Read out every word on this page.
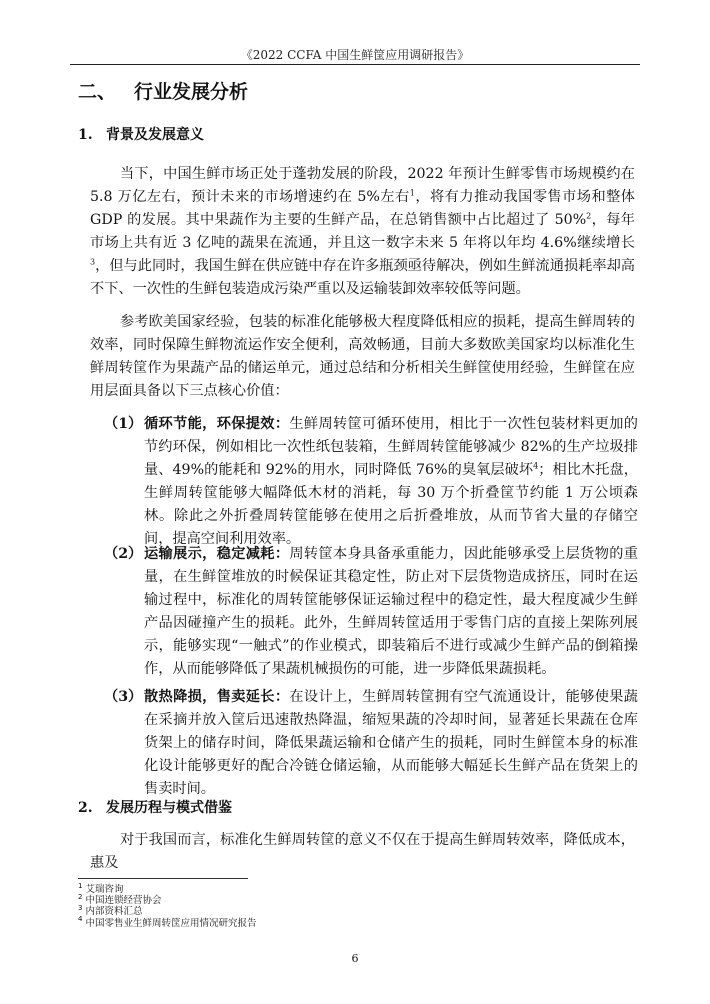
《2022 CCFA 中国生鲜筐应用调研报告》
二、 行业发展分析
1. 背景及发展意义

当下，中国生鲜市场正处于蓬勃发展的阶段，2022 年预计生鲜零售市场规模约在 5.8 万亿左右，预计未来的市场增速约在 5%左右$^1$，将有力推动我国零售市场和整体 GDP 的发展。其中果蔬作为主要的生鲜产品，在总销售额中占比超过了 50%$^2$，每年市场上共有近 3 亿吨的蔬果在流通，并且这一数字未来 5 年将以年均 4.6%继续增长$^3$，但与此同时，我国生鲜在供应链中存在许多瓶颈亟待解决，例如生鲜流通损耗率却高不下、一次性的生鲜包装造成污染严重以及运输装卸效率较低等问题。

参考欧美国家经验，包装的标准化能够极大程度降低相应的损耗，提高生鲜周转的效率，同时保障生鲜物流运作安全便利，高效畅通，目前大多数欧美国家均以标准化生鲜周转筐作为果蔬产品的储运单元，通过总结和分析相关生鲜筐使用经验，生鲜筐在应用层面具备以下三点核心价值：

（1） 循环节能，环保提效：生鲜周转筐可循环使用，相比于一次性包装材料更加的节约环保，例如相比一次性纸包装箱，生鲜周转筐能够减少 82%的生产垃圾排量、49%的能耗和 92%的用水，同时降低 76%的臭氧层破坏$^4$；相比木托盘，生鲜周转筐能够大幅降低木材的消耗，每 30 万个折叠筐节约能 1 万公顷森林。除此之外折叠周转筐能够在使用之后折叠堆放，从而节省大量的存储空间，提高空间利用效率。
（2） 运输展示，稳定减耗：周转筐本身具备承重能力，因此能够承受上层货物的重量，在生鲜筐堆放的时候保证其稳定性，防止对下层货物造成挤压，同时在运输过程中，标准化的周转筐能够保证运输过程中的稳定性，最大程度减少生鲜产品因碰撞产生的损耗。此外，生鲜周转筐适用于零售门店的直接上架陈列展示，能够实现“一触式”的作业模式，即装箱后不进行或减少生鲜产品的倒箱操作，从而能够降低了果蔬机械损伤的可能，进一步降低果蔬损耗。
（3） 散热降损，售卖延长：在设计上，生鲜周转筐拥有空气流通设计，能够使果蔬在采摘并放入筐后迅速散热降温，缩短果蔬的冷却时间，显著延长果蔬在仓库货架上的储存时间，降低果蔬运输和仓储产生的损耗，同时生鲜筐本身的标准化设计能够更好的配合冷链仓储运输，从而能够大幅延长生鲜产品在货架上的售卖时间。
2. 发展历程与模式借鉴

对于我国而言，标准化生鲜周转筐的意义不仅在于提高生鲜周转效率，降低成本，惠及

$^1$ 艾瑞咨询
$^2$ 中国连锁经营协会
$^3$ 内部资料汇总
$^4$ 中国零售业生鲜周转筐应用情况研究报告
6
